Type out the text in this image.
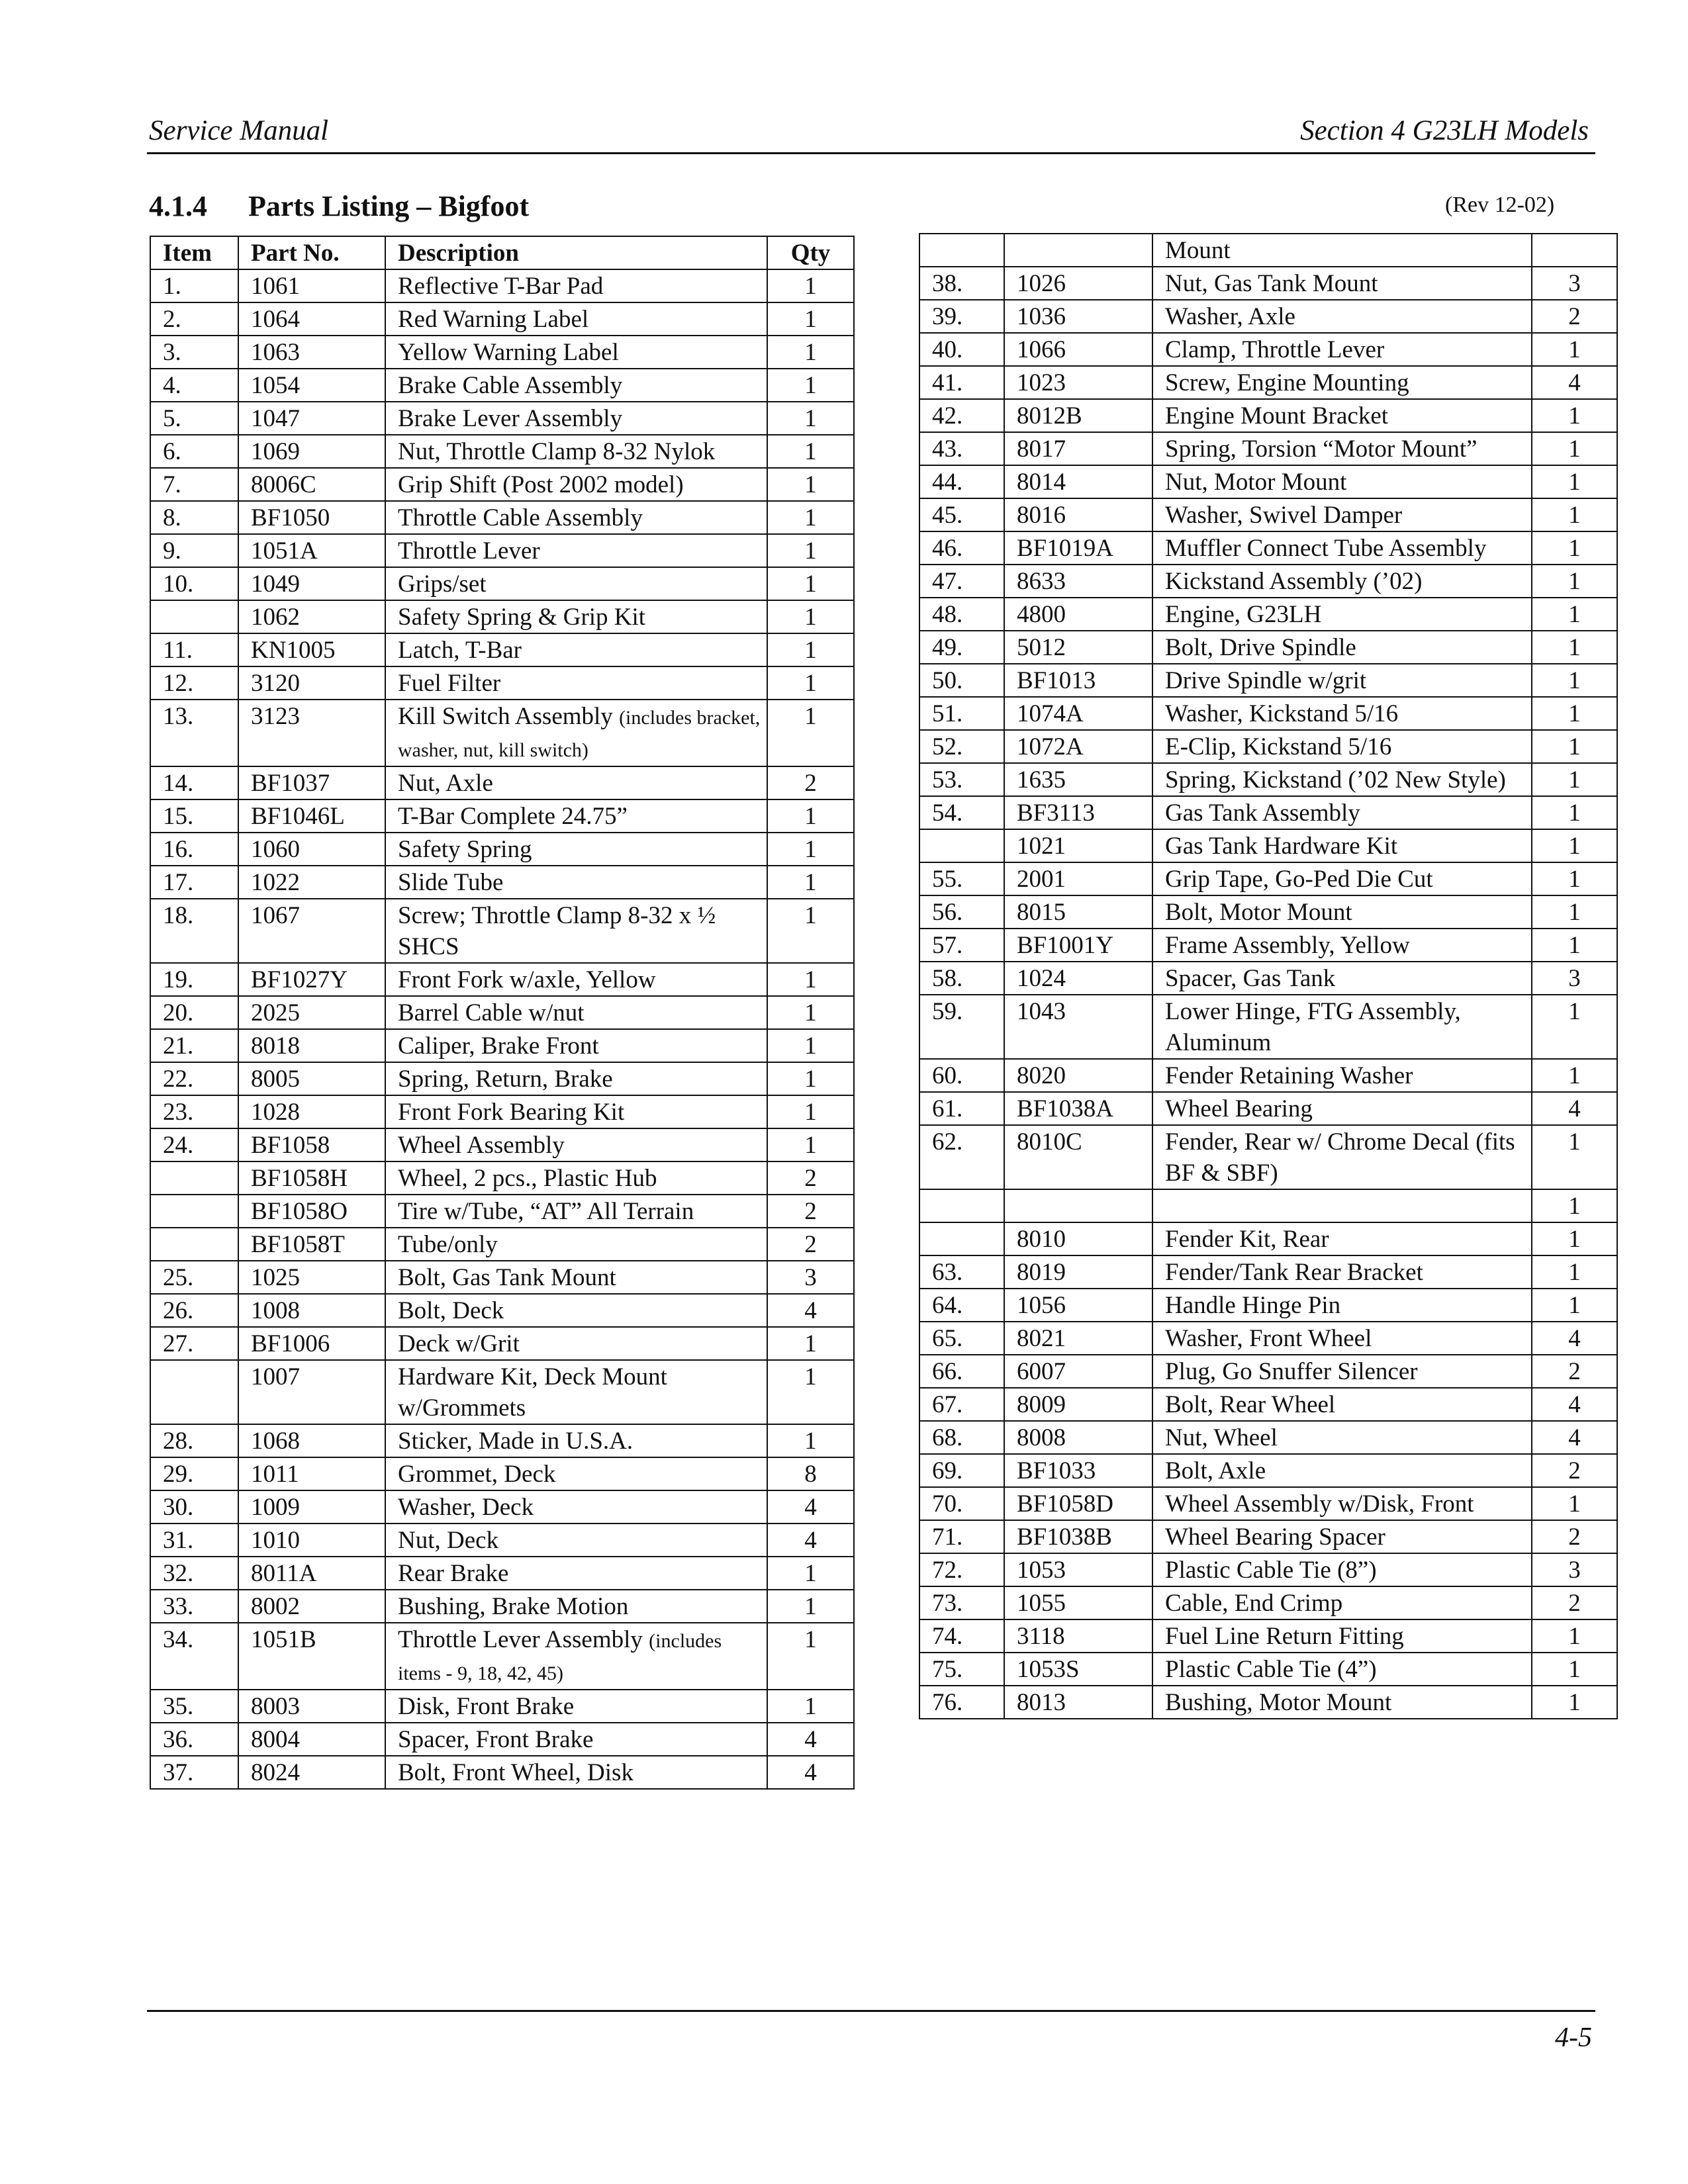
Service Manual	Section 4 G23LH Models
4.1.4 Parts Listing – Bigfoot	(Rev 12-02)
Item	Part No.	Description	Qty
1.	1061	Reflective T-Bar Pad	1
2.	1064	Red Warning Label	1
3.	1063	Yellow Warning Label	1
4.	1054	Brake Cable Assembly	1
5.	1047	Brake Lever Assembly	1
6.	1069	Nut, Throttle Clamp 8-32 Nylok	1
7.	8006C	Grip Shift (Post 2002 model)	1
8.	BF1050	Throttle Cable Assembly	1
9.	1051A	Throttle Lever	1
10.	1049	Grips/set	1
	1062	Safety Spring & Grip Kit	1
11.	KN1005	Latch, T-Bar	1
12.	3120	Fuel Filter	1
13.	3123	Kill Switch Assembly (includes bracket, washer, nut, kill switch)	1
14.	BF1037	Nut, Axle	2
15.	BF1046L	T-Bar Complete 24.75”	1
16.	1060	Safety Spring	1
17.	1022	Slide Tube	1
18.	1067	Screw; Throttle Clamp 8-32 x ½ SHCS	1
19.	BF1027Y	Front Fork w/axle, Yellow	1
20.	2025	Barrel Cable w/nut	1
21.	8018	Caliper, Brake Front	1
22.	8005	Spring, Return, Brake	1
23.	1028	Front Fork Bearing Kit	1
24.	BF1058	Wheel Assembly	1
	BF1058H	Wheel, 2 pcs., Plastic Hub	2
	BF1058O	Tire w/Tube, “AT” All Terrain	2
	BF1058T	Tube/only	2
25.	1025	Bolt, Gas Tank Mount	3
26.	1008	Bolt, Deck	4
27.	BF1006	Deck w/Grit	1
	1007	Hardware Kit, Deck Mount w/Grommets	1
28.	1068	Sticker, Made in U.S.A.	1
29.	1011	Grommet, Deck	8
30.	1009	Washer, Deck	4
31.	1010	Nut, Deck	4
32.	8011A	Rear Brake	1
33.	8002	Bushing, Brake Motion	1
34.	1051B	Throttle Lever Assembly (includes items - 9, 18, 42, 45)	1
35.	8003	Disk, Front Brake	1
36.	8004	Spacer, Front Brake	4
37.	8024	Bolt, Front Wheel, Disk	4
		Mount	
38.	1026	Nut, Gas Tank Mount	3
39.	1036	Washer, Axle	2
40.	1066	Clamp, Throttle Lever	1
41.	1023	Screw, Engine Mounting	4
42.	8012B	Engine Mount Bracket	1
43.	8017	Spring, Torsion “Motor Mount”	1
44.	8014	Nut, Motor Mount	1
45.	8016	Washer, Swivel Damper	1
46.	BF1019A	Muffler Connect Tube Assembly	1
47.	8633	Kickstand Assembly (’02)	1
48.	4800	Engine, G23LH	1
49.	5012	Bolt, Drive Spindle	1
50.	BF1013	Drive Spindle w/grit	1
51.	1074A	Washer, Kickstand 5/16	1
52.	1072A	E-Clip, Kickstand 5/16	1
53.	1635	Spring, Kickstand (’02 New Style)	1
54.	BF3113	Gas Tank Assembly	1
	1021	Gas Tank Hardware Kit	1
55.	2001	Grip Tape, Go-Ped Die Cut	1
56.	8015	Bolt, Motor Mount	1
57.	BF1001Y	Frame Assembly, Yellow	1
58.	1024	Spacer, Gas Tank	3
59.	1043	Lower Hinge, FTG Assembly, Aluminum	1
60.	8020	Fender Retaining Washer	1
61.	BF1038A	Wheel Bearing	4
62.	8010C	Fender, Rear w/ Chrome Decal (fits BF & SBF)	1
			1
	8010	Fender Kit, Rear	1
63.	8019	Fender/Tank Rear Bracket	1
64.	1056	Handle Hinge Pin	1
65.	8021	Washer, Front Wheel	4
66.	6007	Plug, Go Snuffer Silencer	2
67.	8009	Bolt, Rear Wheel	4
68.	8008	Nut, Wheel	4
69.	BF1033	Bolt, Axle	2
70.	BF1058D	Wheel Assembly w/Disk, Front	1
71.	BF1038B	Wheel Bearing Spacer	2
72.	1053	Plastic Cable Tie (8”)	3
73.	1055	Cable, End Crimp	2
74.	3118	Fuel Line Return Fitting	1
75.	1053S	Plastic Cable Tie (4”)	1
76.	8013	Bushing, Motor Mount	1
4-5
